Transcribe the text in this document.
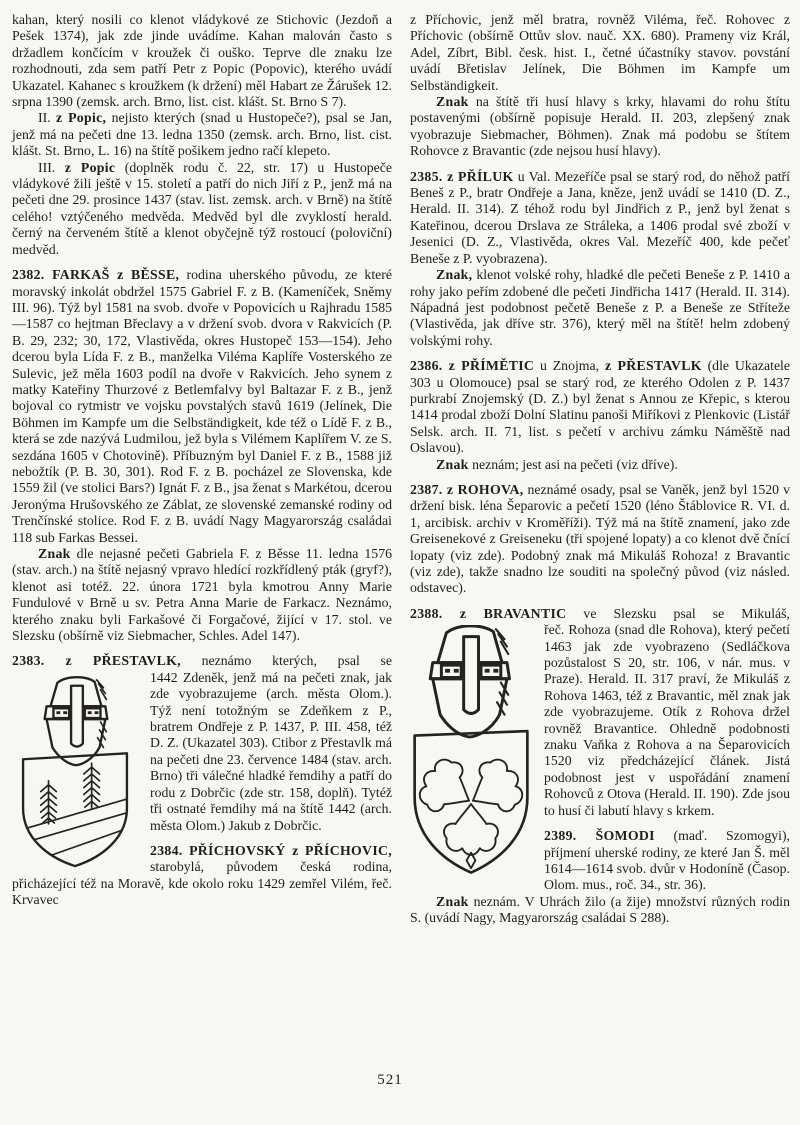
kahan, který nosili co klenot vládykové ze Stichovic (Jezdoň a Pešek 1374), jak zde jinde uvádíme. Kahan malován často s držadlem končícím v kroužek či ouško. Teprve dle znaku lze rozhodnouti, zda sem patří Petr z Popic (Popovic), kterého uvádí Ukazatel. Kahanec s kroužkem (k držení) měl Habart ze Žárušek 12. srpna 1390 (zemsk. arch. Brno, list. cist. klášt. St. Brno S 7).

II. z Popic, nejisto kterých (snad u Hustopeče?), psal se Jan, jenž má na pečeti dne 13. ledna 1350 (zemsk. arch. Brno, list. cist. klášt. St. Brno, L. 16) na štítě pošikem jedno račí klepeto.

III. z Popic (doplněk rodu č. 22, str. 17) u Hustopeče vládykové žili ještě v 15. století a patří do nich Jiří z P., jenž má na pečeti dne 29. prosince 1437 (stav. list. zemsk. arch. v Brně) na štítě celého! vztýčeného medvěda. Medvěd byl dle zvyklostí herald. černý na červeném štítě a klenot obyčejně týž rostoucí (poloviční) medvěd.

2382. FARKAŠ z BĚSSE, rodina uherského původu, ze které moravský inkolát obdržel 1575 Gabriel F. z B. (Kameníček, Sněmy III. 96). Týž byl 1581 na svob. dvoře v Popovicích u Rajhradu 1585—1587 co hejtman Břeclavy a v držení svob. dvora v Rakvicích (P. B. 29, 232; 30, 172, Vlastivěda, okres Hustopeč 153—154). Jeho dcerou byla Lída F. z B., manželka Viléma Kaplíře Vosterského ze Sulevic, jež měla 1603 podíl na dvoře v Rakvicích. Jeho synem z matky Kateřiny Thurzové z Betlemfalvy byl Baltazar F. z B., jenž bojoval co rytmistr ve vojsku povstalých stavů 1619 (Jelínek, Die Böhmen im Kampfe um die Selbständigkeit, kde též o Lídě F. z B., která se zde nazývá Ludmilou, jež byla s Vilémem Kaplířem V. ze S. sezdána 1605 v Chotovině). Příbuzným byl Daniel F. z B., 1588 již nebožtík (P. B. 30, 301). Rod F. z B. pocházel ze Slovenska, kde 1559 žil (ve stolici Bars?) Ignát F. z B., jsa ženat s Markétou, dcerou Jeronýma Hrušovského ze Záblat, ze slovenské zemanské rodiny od Trenčínské stolice. Rod F. z B. uvádí Nagy Magyarország családai 118 sub Farkas Bessei.

Znak dle nejasné pečeti Gabriela F. z Běsse 11. ledna 1576 (stav. arch.) na štítě nejasný vpravo hledící rozkřídlený pták (gryf?), klenot asi totéž. 22. února 1721 byla kmotrou Anny Marie Fundulové v Brně u sv. Petra Anna Marie de Farkacz. Neznámo, kterého znaku byli Farkašové či Forgačové, žijící v 17. stol. ve Slezsku (obšírně viz Siebmacher, Schles. Adel 147).

2383. z PŘESTAVLK, neznámo kterých, psal se

1442 Zdeněk, jenž má na pečeti znak, jak zde vyobrazujeme (arch. města Olom.). Týž není totožným se Zdeňkem z P., bratrem Ondřeje z P. 1437, P. III. 458, též D. Z. (Ukazatel 303). Ctibor z Přestavlk má na pečeti dne 23. července 1484 (stav. arch. Brno) tři válečné hladké řemdihy a patří do rodu z Dobrčic (zde str. 158, doplň). Tytéž tři ostnaté řemdihy má na štítě 1442 (arch. města Olom.) Jakub z Dobrčic.

2384. PŘÍCHOVSKÝ z PŘÍCHOVIC, starobylá, původem česká rodina, přicházející též na Moravě, kde okolo roku 1429 zemřel Vilém, řeč. Krvavec

z Příchovic, jenž měl bratra, rovněž Viléma, řeč. Rohovec z Příchovic (obšírně Ottův slov. nauč. XX. 680). Prameny viz Král, Adel, Zíbrt, Bibl. česk. hist. I., četné účastníky stavov. povstání uvádí Břetislav Jelínek, Die Böhmen im Kampfe um Selbständigkeit.

Znak na štítě tři husí hlavy s krky, hlavami do rohu štítu postavenými (obšírně popisuje Herald. II. 203, zlepšený znak vyobrazuje Siebmacher, Böhmen). Znak má podobu se štítem Rohovce z Bravantic (zde nejsou husí hlavy).

2385. z PŘÍLUK u Val. Mezeříče psal se starý rod, do něhož patří Beneš z P., bratr Ondřeje a Jana, kněze, jenž uvádí se 1410 (D. Z., Herald. II. 314). Z téhož rodu byl Jindřich z P., jenž byl ženat s Kateřinou, dcerou Drslava ze Stráleka, a 1406 prodal své zboží v Jesenici (D. Z., Vlastivěda, okres Val. Mezeříč 400, kde pečeť Beneše z P. vyobrazena).

Znak, klenot volské rohy, hladké dle pečeti Beneše z P. 1410 a rohy jako peřím zdobené dle pečeti Jindřicha 1417 (Herald. II. 314). Nápadná jest podobnost pečetě Beneše z P. a Beneše ze Stříteže (Vlastivěda, jak dříve str. 376), který měl na štítě! helm zdobený volskými rohy.

2386. z PŘÍMĚTIC u Znojma, z PŘESTAVLK (dle Ukazatele 303 u Olomouce) psal se starý rod, ze kterého Odolen z P. 1437 purkrabí Znojemský (D. Z.) byl ženat s Annou ze Křepic, s kterou 1414 prodal zboží Dolní Slatinu panoši Miříkovi z Plenkovic (Listář Selsk. arch. II. 71, list. s pečetí v archivu zámku Náměště nad Oslavou).

Znak neznám; jest asi na pečeti (viz dříve).

2387. z ROHOVA, neznámé osady, psal se Vaněk, jenž byl 1520 v držení bisk. léna Šeparovic a pečetí 1520 (léno Štáblovice R. VI. d. 1, arcibisk. archiv v Kroměříži). Týž má na štítě znamení, jako zde Greisenekové z Greiseneku (tři spojené lopaty) a co klenot dvě čnící lopaty (viz zde). Podobný znak má Mikuláš Rohoza! z Bravantic (viz zde), takže snadno lze souditi na společný původ (viz násled. odstavec).

2388. z BRAVANTIC ve Slezsku psal se Mikuláš,

řeč. Rohoza (snad dle Rohova), který pečetí 1463 jak zde vyobrazeno (Sedláčkova pozůstalost S 20, str. 106, v nár. mus. v Praze). Herald. II. 317 praví, že Mikuláš z Rohova 1463, též z Bravantic, měl znak jak zde vyobrazujeme. Otík z Rohova držel rovněž Bravantice. Ohledně podobnosti znaku Vaňka z Rohova a na Šeparovicích 1520 viz předcházející článek. Jistá podobnost jest v uspořádání znamení Rohovců z Otova (Herald. II. 190). Zde jsou to husí či labutí hlavy s krkem.

2389. ŠOMODI (maď. Szomogyi), příjmení uherské rodiny, ze které Jan Š. měl 1614—1614 svob. dvůr v Hodoníně (Časop. Olom. mus., roč. 34., str. 36).

Znak neznám. V Uhrách žilo (a žije) množství různých rodin S. (uvádí Nagy, Magyarország családai S 288).

521
